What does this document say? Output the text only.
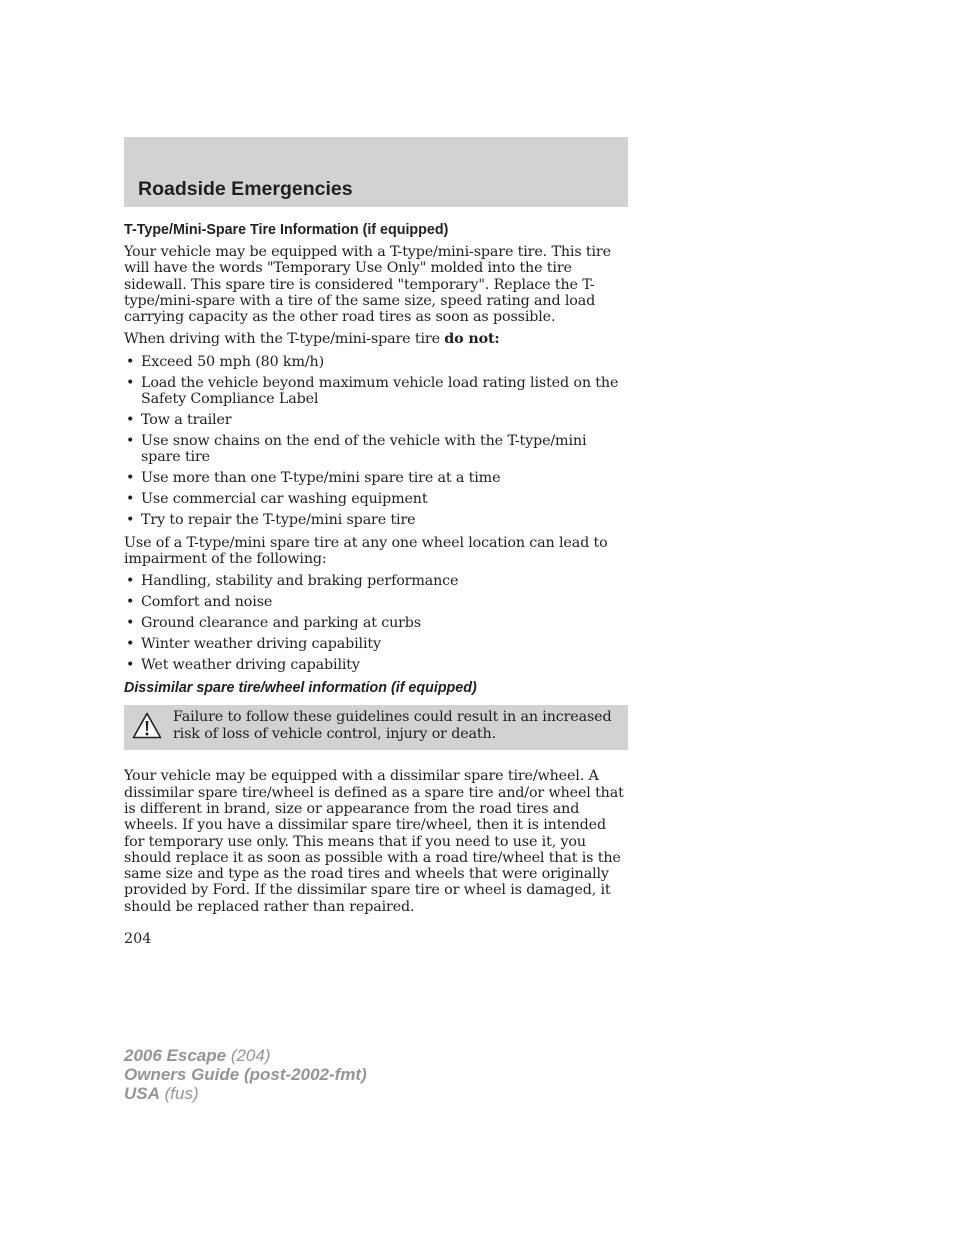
Roadside Emergencies
T-Type/Mini-Spare Tire Information (if equipped)

Your vehicle may be equipped with a T-type/mini-spare tire. This tire will have the words "Temporary Use Only" molded into the tire sidewall. This spare tire is considered "temporary". Replace the T-type/mini-spare with a tire of the same size, speed rating and load carrying capacity as the other road tires as soon as possible.

When driving with the T-type/mini-spare tire do not:

• Exceed 50 mph (80 km/h)
• Load the vehicle beyond maximum vehicle load rating listed on the Safety Compliance Label
• Tow a trailer
• Use snow chains on the end of the vehicle with the T-type/mini spare tire
• Use more than one T-type/mini spare tire at a time
• Use commercial car washing equipment
• Try to repair the T-type/mini spare tire

Use of a T-type/mini spare tire at any one wheel location can lead to impairment of the following:

• Handling, stability and braking performance
• Comfort and noise
• Ground clearance and parking at curbs
• Winter weather driving capability
• Wet weather driving capability
Dissimilar spare tire/wheel information (if equipped)

Failure to follow these guidelines could result in an increased risk of loss of vehicle control, injury or death.

Your vehicle may be equipped with a dissimilar spare tire/wheel. A dissimilar spare tire/wheel is defined as a spare tire and/or wheel that is different in brand, size or appearance from the road tires and wheels. If you have a dissimilar spare tire/wheel, then it is intended for temporary use only. This means that if you need to use it, you should replace it as soon as possible with a road tire/wheel that is the same size and type as the road tires and wheels that were originally provided by Ford. If the dissimilar spare tire or wheel is damaged, it should be replaced rather than repaired.

204
2006 Escape (204)
Owners Guide (post-2002-fmt)
USA (fus)
